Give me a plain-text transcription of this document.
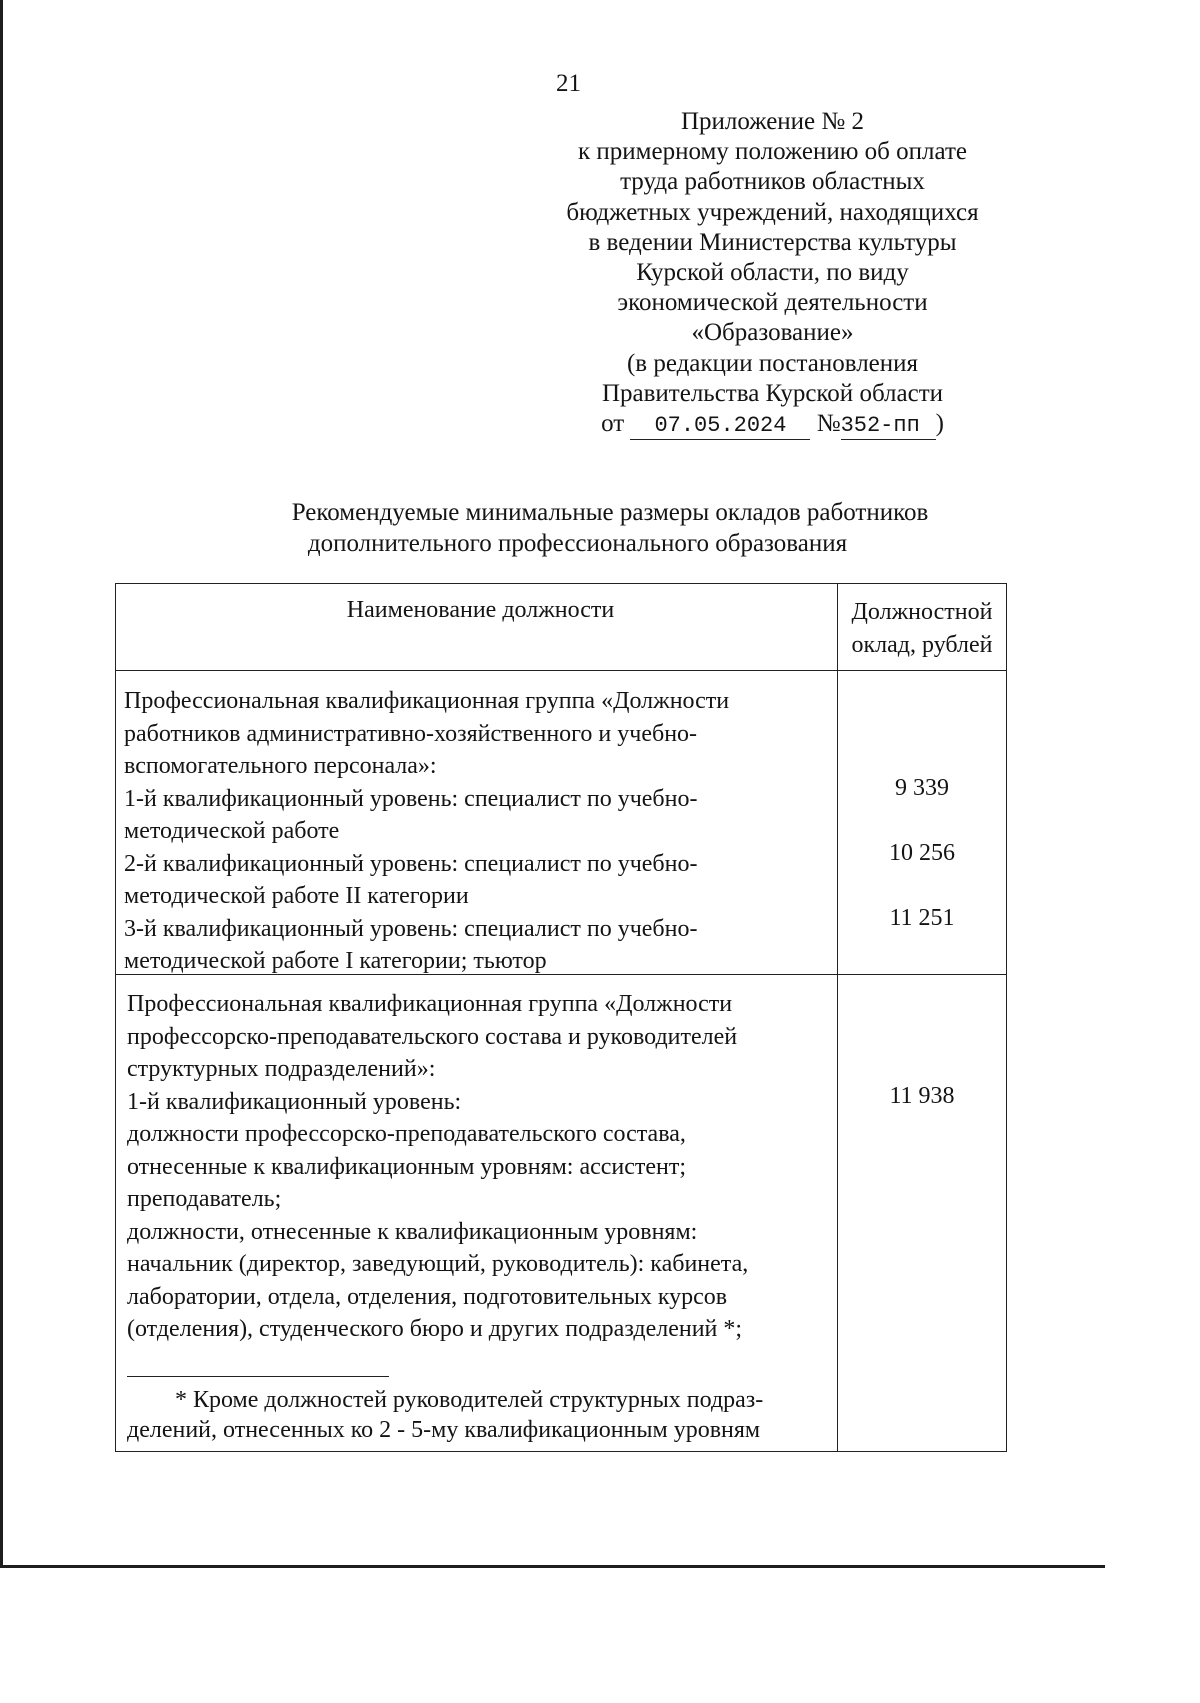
21
Приложение № 2
к примерному положению об оплате
труда работников областных
бюджетных учреждений, находящихся
в ведении Министерства культуры
Курской области, по виду
экономической деятельности
«Образование»
(в редакции постановления
Правительства Курской области
от 07.05.2024 №352-пп )
Рекомендуемые минимальные размеры окладов работников
дополнительного профессионального образования
Наименование должности	Должностной
оклад, рублей
Профессиональная квалификационная группа «Должности
работников административно-хозяйственного и учебно-
вспомогательного персонала»:
1-й квалификационный уровень: специалист по учебно-
методической работе
2-й квалификационный уровень: специалист по учебно-
методической работе II категории
3-й квалификационный уровень: специалист по учебно-
методической работе I категории; тьютор
Профессиональная квалификационная группа «Должности
профессорско-преподавательского состава и руководителей
структурных подразделений»:
1-й квалификационный уровень:
должности профессорско-преподавательского состава,
отнесенные к квалификационным уровням: ассистент;
преподаватель;
должности, отнесенные к квалификационным уровням:
начальник (директор, заведующий, руководитель): кабинета,
лаборатории, отдела, отделения, подготовительных курсов
(отделения), студенческого бюро и других подразделений *;
* Кроме должностей руководителей структурных подраз-
делений, отнесенных ко 2 - 5-му квалификационным уровням
9 339
10 256
11 251
11 938
